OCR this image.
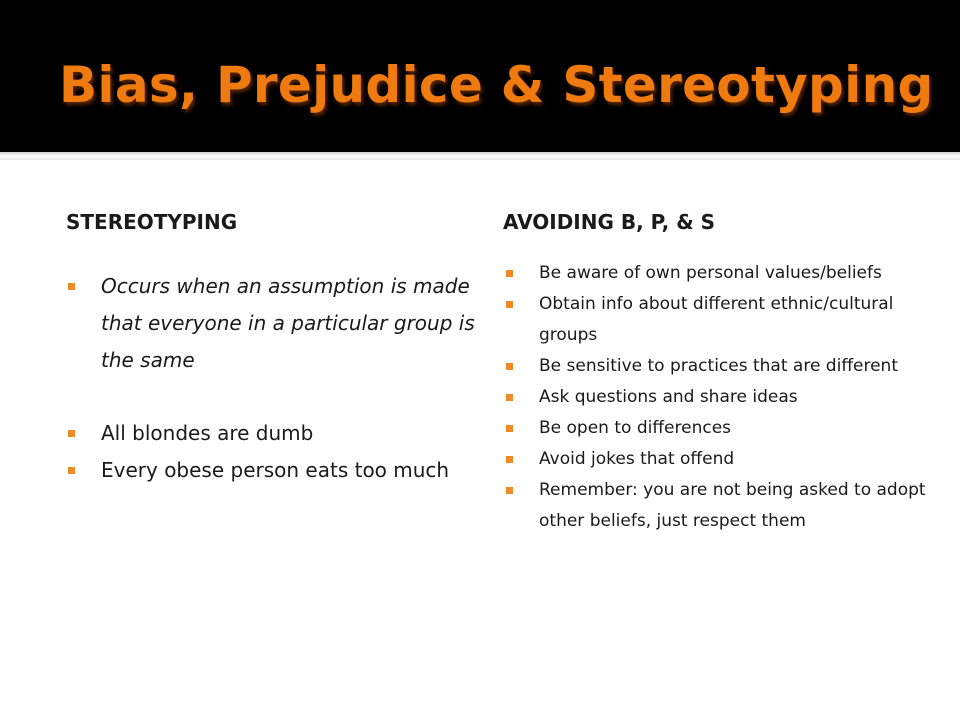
Bias, Prejudice & Stereotyping
STEREOTYPING
Occurs when an assumption is made that everyone in a particular group is the same
All blondes are dumb
Every obese person eats too much
AVOIDING B, P, & S
Be aware of own personal values/beliefs
Obtain info about different ethnic/cultural groups
Be sensitive to practices that are different
Ask questions and share ideas
Be open to differences
Avoid jokes that offend
Remember: you are not being asked to adopt other beliefs, just respect them
